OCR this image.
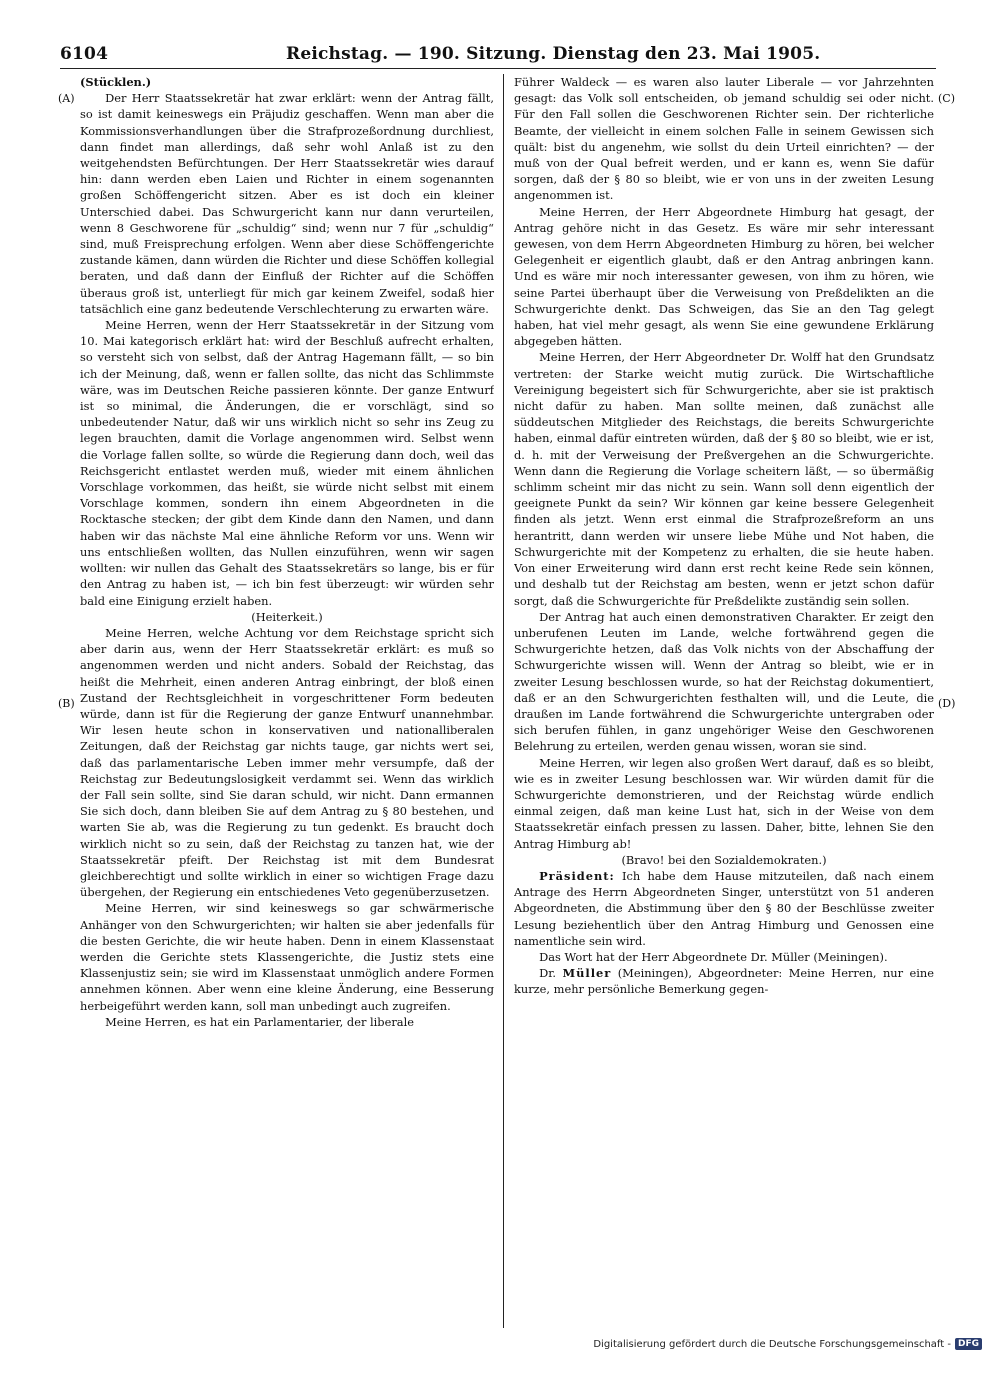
6104	Reichstag. — 190. Sitzung. Dienstag den 23. Mai 1905.
(A)
(B)
(C)
(D)

(Stücklen.)

Der Herr Staatssekretär hat zwar erklärt: wenn der Antrag fällt, so ist damit keineswegs ein Präjudiz geschaffen. Wenn man aber die Kommissionsverhandlungen über die Strafprozeßordnung durchliest, dann findet man allerdings, daß sehr wohl Anlaß ist zu den weitgehendsten Befürchtungen. Der Herr Staatssekretär wies darauf hin: dann werden eben Laien und Richter in einem sogenannten großen Schöffengericht sitzen. Aber es ist doch ein kleiner Unterschied dabei. Das Schwurgericht kann nur dann verurteilen, wenn 8 Geschworene für „schuldig“ sind; wenn nur 7 für „schuldig“ sind, muß Freisprechung erfolgen. Wenn aber diese Schöffengerichte zustande kämen, dann würden die Richter und diese Schöffen kollegial beraten, und daß dann der Einfluß der Richter auf die Schöffen überaus groß ist, unterliegt für mich gar keinem Zweifel, sodaß hier tatsächlich eine ganz bedeutende Verschlechterung zu erwarten wäre.

Meine Herren, wenn der Herr Staatssekretär in der Sitzung vom 10. Mai kategorisch erklärt hat: wird der Beschluß aufrecht erhalten, so versteht sich von selbst, daß der Antrag Hagemann fällt, — so bin ich der Meinung, daß, wenn er fallen sollte, das nicht das Schlimmste wäre, was im Deutschen Reiche passieren könnte. Der ganze Entwurf ist so minimal, die Änderungen, die er vorschlägt, sind so unbedeutender Natur, daß wir uns wirklich nicht so sehr ins Zeug zu legen brauchten, damit die Vorlage angenommen wird. Selbst wenn die Vorlage fallen sollte, so würde die Regierung dann doch, weil das Reichsgericht entlastet werden muß, wieder mit einem ähnlichen Vorschlage vorkommen, das heißt, sie würde nicht selbst mit einem Vorschlage kommen, sondern ihn einem Abgeordneten in die Rocktasche stecken; der gibt dem Kinde dann den Namen, und dann haben wir das nächste Mal eine ähnliche Reform vor uns. Wenn wir uns entschließen wollten, das Nullen einzuführen, wenn wir sagen wollten: wir nullen das Gehalt des Staatssekretärs so lange, bis er für den Antrag zu haben ist, — ich bin fest überzeugt: wir würden sehr bald eine Einigung erzielt haben.

(Heiterkeit.)

Meine Herren, welche Achtung vor dem Reichstage spricht sich aber darin aus, wenn der Herr Staatssekretär erklärt: es muß so angenommen werden und nicht anders. Sobald der Reichstag, das heißt die Mehrheit, einen anderen Antrag einbringt, der bloß einen Zustand der Rechtsgleichheit in vorgeschrittener Form bedeuten würde, dann ist für die Regierung der ganze Entwurf unannehmbar. Wir lesen heute schon in konservativen und nationalliberalen Zeitungen, daß der Reichstag gar nichts tauge, gar nichts wert sei, daß das parlamentarische Leben immer mehr versumpfe, daß der Reichstag zur Bedeutungslosigkeit verdammt sei. Wenn das wirklich der Fall sein sollte, sind Sie daran schuld, wir nicht. Dann ermannen Sie sich doch, dann bleiben Sie auf dem Antrag zu § 80 bestehen, und warten Sie ab, was die Regierung zu tun gedenkt. Es braucht doch wirklich nicht so zu sein, daß der Reichstag zu tanzen hat, wie der Staatssekretär pfeift. Der Reichstag ist mit dem Bundesrat gleichberechtigt und sollte wirklich in einer so wichtigen Frage dazu übergehen, der Regierung ein entschiedenes Veto gegenüberzusetzen.

Meine Herren, wir sind keineswegs so gar schwärmerische Anhänger von den Schwurgerichten; wir halten sie aber jedenfalls für die besten Gerichte, die wir heute haben. Denn in einem Klassenstaat werden die Gerichte stets Klassengerichte, die Justiz stets eine Klassenjustiz sein; sie wird im Klassenstaat unmöglich andere Formen annehmen können. Aber wenn eine kleine Änderung, eine Besserung herbeigeführt werden kann, soll man unbedingt auch zugreifen.

Meine Herren, es hat ein Parlamentarier, der liberale

Führer Waldeck — es waren also lauter Liberale — vor Jahrzehnten gesagt: das Volk soll entscheiden, ob jemand schuldig sei oder nicht. Für den Fall sollen die Geschworenen Richter sein. Der richterliche Beamte, der vielleicht in einem solchen Falle in seinem Gewissen sich quält: bist du angenehm, wie sollst du dein Urteil einrichten? — der muß von der Qual befreit werden, und er kann es, wenn Sie dafür sorgen, daß der § 80 so bleibt, wie er von uns in der zweiten Lesung angenommen ist.

Meine Herren, der Herr Abgeordnete Himburg hat gesagt, der Antrag gehöre nicht in das Gesetz. Es wäre mir sehr interessant gewesen, von dem Herrn Abgeordneten Himburg zu hören, bei welcher Gelegenheit er eigentlich glaubt, daß er den Antrag anbringen kann. Und es wäre mir noch interessanter gewesen, von ihm zu hören, wie seine Partei überhaupt über die Verweisung von Preßdelikten an die Schwurgerichte denkt. Das Schweigen, das Sie an den Tag gelegt haben, hat viel mehr gesagt, als wenn Sie eine gewundene Erklärung abgegeben hätten.

Meine Herren, der Herr Abgeordneter Dr. Wolff hat den Grundsatz vertreten: der Starke weicht mutig zurück. Die Wirtschaftliche Vereinigung begeistert sich für Schwurgerichte, aber sie ist praktisch nicht dafür zu haben. Man sollte meinen, daß zunächst alle süddeutschen Mitglieder des Reichstags, die bereits Schwurgerichte haben, einmal dafür eintreten würden, daß der § 80 so bleibt, wie er ist, d. h. mit der Verweisung der Preßvergehen an die Schwurgerichte. Wenn dann die Regierung die Vorlage scheitern läßt, — so übermäßig schlimm scheint mir das nicht zu sein. Wann soll denn eigentlich der geeignete Punkt da sein? Wir können gar keine bessere Gelegenheit finden als jetzt. Wenn erst einmal die Strafprozeßreform an uns herantritt, dann werden wir unsere liebe Mühe und Not haben, die Schwurgerichte mit der Kompetenz zu erhalten, die sie heute haben. Von einer Erweiterung wird dann erst recht keine Rede sein können, und deshalb tut der Reichstag am besten, wenn er jetzt schon dafür sorgt, daß die Schwurgerichte für Preßdelikte zuständig sein sollen.

Der Antrag hat auch einen demonstrativen Charakter. Er zeigt den unberufenen Leuten im Lande, welche fortwährend gegen die Schwurgerichte hetzen, daß das Volk nichts von der Abschaffung der Schwurgerichte wissen will. Wenn der Antrag so bleibt, wie er in zweiter Lesung beschlossen wurde, so hat der Reichstag dokumentiert, daß er an den Schwurgerichten festhalten will, und die Leute, die draußen im Lande fortwährend die Schwurgerichte untergraben oder sich berufen fühlen, in ganz ungehöriger Weise den Geschworenen Belehrung zu erteilen, werden genau wissen, woran sie sind.

Meine Herren, wir legen also großen Wert darauf, daß es so bleibt, wie es in zweiter Lesung beschlossen war. Wir würden damit für die Schwurgerichte demonstrieren, und der Reichstag würde endlich einmal zeigen, daß man keine Lust hat, sich in der Weise von dem Staatssekretär einfach pressen zu lassen. Daher, bitte, lehnen Sie den Antrag Himburg ab!

(Bravo! bei den Sozialdemokraten.)

Präsident: Ich habe dem Hause mitzuteilen, daß nach einem Antrage des Herrn Abgeordneten Singer, unterstützt von 51 anderen Abgeordneten, die Abstimmung über den § 80 der Beschlüsse zweiter Lesung beziehentlich über den Antrag Himburg und Genossen eine namentliche sein wird.

Das Wort hat der Herr Abgeordnete Dr. Müller (Meiningen).

Dr. Müller (Meiningen), Abgeordneter: Meine Herren, nur eine kurze, mehr persönliche Bemerkung gegen-

Digitalisierung gefördert durch die Deutsche Forschungsgemeinschaft - DFG
